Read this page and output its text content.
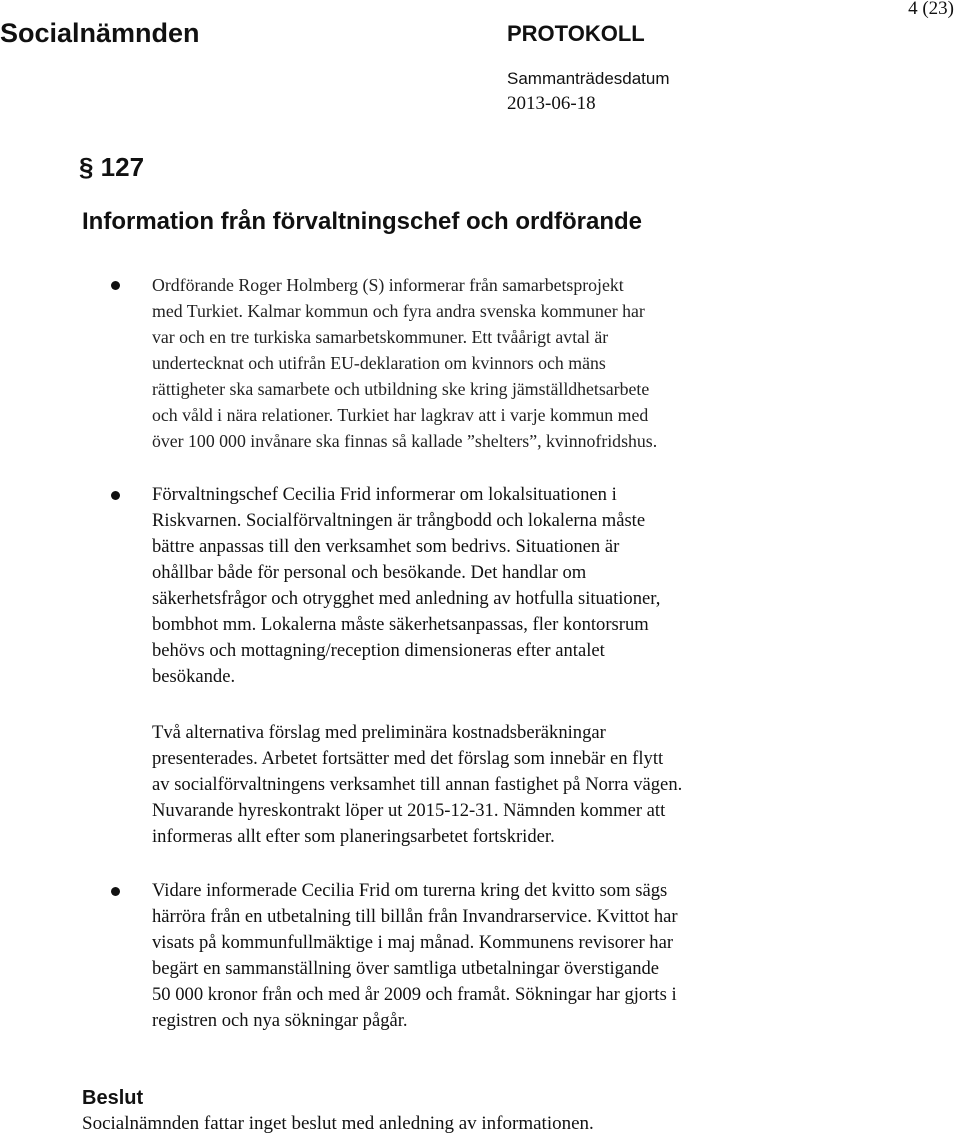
Socialnämnden	PROTOKOLL
4 (23)
Sammanträdesdatum
2013-06-18
§ 127
Information från förvaltningschef och ordförande

Ordförande Roger Holmberg (S) informerar från samarbetsprojekt
med Turkiet. Kalmar kommun och fyra andra svenska kommuner har
var och en tre turkiska samarbetskommuner. Ett tvåårigt avtal är
undertecknat och utifrån EU-deklaration om kvinnors och mäns
rättigheter ska samarbete och utbildning ske kring jämställdhetsarbete
och våld i nära relationer. Turkiet har lagkrav att i varje kommun med
över 100 000 invånare ska finnas så kallade ”shelters”, kvinnofridshus.

Förvaltningschef Cecilia Frid informerar om lokalsituationen i
Riskvarnen. Socialförvaltningen är trångbodd och lokalerna måste
bättre anpassas till den verksamhet som bedrivs. Situationen är
ohållbar både för personal och besökande. Det handlar om
säkerhetsfrågor och otrygghet med anledning av hotfulla situationer,
bombhot mm. Lokalerna måste säkerhetsanpassas, fler kontorsrum
behövs och mottagning/reception dimensioneras efter antalet
besökande.

Två alternativa förslag med preliminära kostnadsberäkningar
presenterades. Arbetet fortsätter med det förslag som innebär en flytt
av socialförvaltningens verksamhet till annan fastighet på Norra vägen.
Nuvarande hyreskontrakt löper ut 2015-12-31. Nämnden kommer att
informeras allt efter som planeringsarbetet fortskrider.

Vidare informerade Cecilia Frid om turerna kring det kvitto som sägs
härröra från en utbetalning till billån från Invandrarservice. Kvittot har
visats på kommunfullmäktige i maj månad. Kommunens revisorer har
begärt en sammanställning över samtliga utbetalningar överstigande
50 000 kronor från och med år 2009 och framåt. Sökningar har gjorts i
registren och nya sökningar pågår.

Beslut
Socialnämnden fattar inget beslut med anledning av informationen.
